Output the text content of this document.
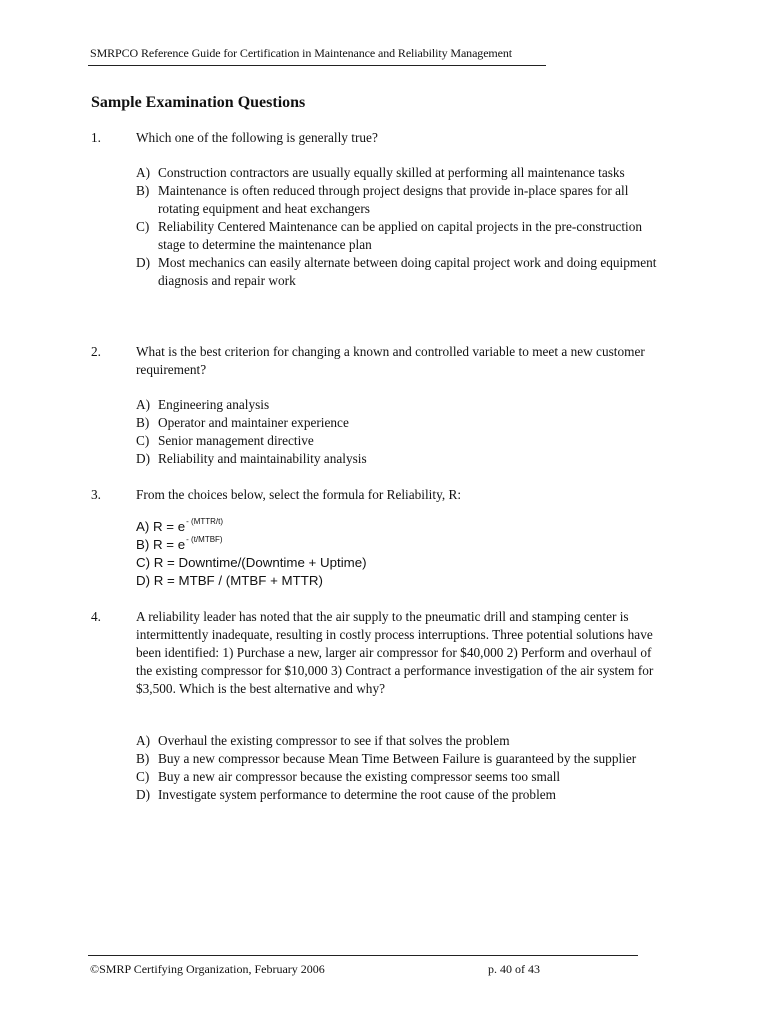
SMRPCO Reference Guide for Certification in Maintenance and Reliability Management
Sample Examination Questions
1.	Which one of the following is generally true?
A) Construction contractors are usually equally skilled at performing all maintenance tasks
B) Maintenance is often reduced through project designs that provide in-place spares for all rotating equipment and heat exchangers
C) Reliability Centered Maintenance can be applied on capital projects in the pre-construction stage to determine the maintenance plan
D) Most mechanics can easily alternate between doing capital project work and doing equipment diagnosis and repair work
2.	What is the best criterion for changing a known and controlled variable to meet a new customer requirement?
A) Engineering analysis
B) Operator and maintainer experience
C) Senior management directive
D) Reliability and maintainability analysis
3.	From the choices below, select the formula for Reliability, R:
A) $R = e^{- (MTTR/t)}$
B) $R = e^{- (t/MTBF)}$
C) R = Downtime/(Downtime + Uptime)
D) R = MTBF / (MTBF + MTTR)
4.	A reliability leader has noted that the air supply to the pneumatic drill and stamping center is intermittently inadequate, resulting in costly process interruptions. Three potential solutions have been identified: 1) Purchase a new, larger air compressor for $40,000 2) Perform and overhaul of the existing compressor for $10,000 3) Contract a performance investigation of the air system for $3,500. Which is the best alternative and why?
A) Overhaul the existing compressor to see if that solves the problem
B) Buy a new compressor because Mean Time Between Failure is guaranteed by the supplier
C) Buy a new air compressor because the existing compressor seems too small
D) Investigate system performance to determine the root cause of the problem
©SMRP Certifying Organization, February 2006	p. 40 of 43
